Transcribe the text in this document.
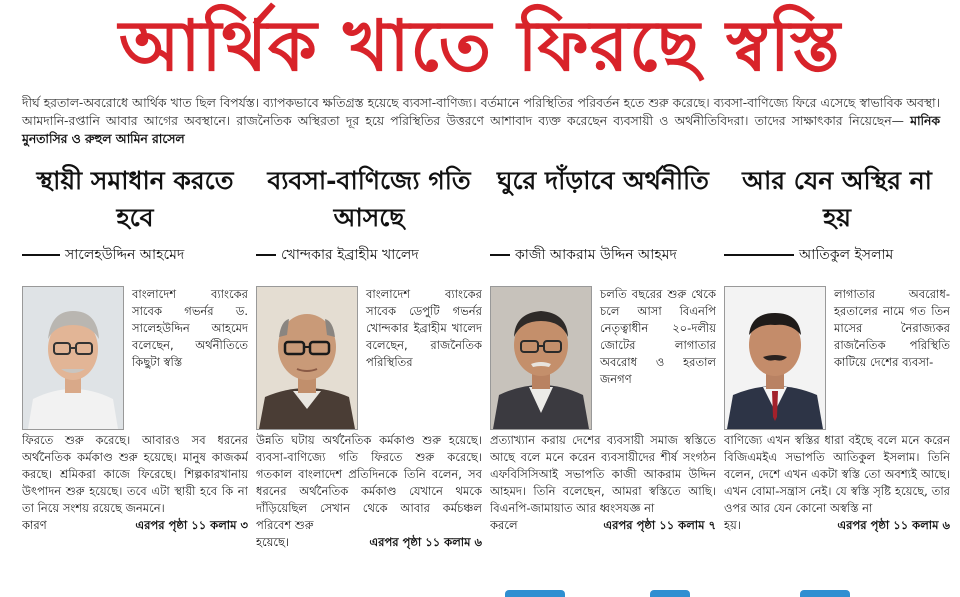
আর্থিক খাতে ফিরছে স্বস্তি
দীর্ঘ হরতাল-অবরোধে আর্থিক খাত ছিল বিপর্যস্ত। ব্যাপকভাবে ক্ষতিগ্রস্ত হয়েছে ব্যবসা-বাণিজ্য। বর্তমানে পরিস্থিতির পরিবর্তন হতে শুরু করেছে। ব্যবসা-বাণিজ্যে ফিরে এসেছে স্বাভাবিক অবস্থা। আমদানি-রপ্তানি আবার আগের অবস্থানে। রাজনৈতিক অস্থিরতা দূর হয়ে পরিস্থিতির উত্তরণে আশাবাদ ব্যক্ত করেছেন ব্যবসায়ী ও অর্থনীতিবিদরা। তাদের সাক্ষাৎকার নিয়েছেন— মানিক মুনতাসির ও রুহুল আমিন রাসেল
স্থায়ী সমাধান করতে হবে
সালেহউদ্দিন আহমেদ
বাংলাদেশ ব্যাংকের সাবেক গভর্নর ড. সালেহউদ্দিন আহমেদ বলেছেন, অর্থনীতিতে কিছুটা স্বস্তি
ফিরতে শুরু করেছে। আবারও সব ধরনের অর্থনৈতিক কর্মকাণ্ড শুরু হয়েছে। মানুষ কাজকর্ম করছে। শ্রমিকরা কাজে ফিরেছে। শিল্পকারখানায় উৎপাদন শুরু হয়েছে। তবে এটা স্থায়ী হবে কি না তা নিয়ে সংশয় রয়েছে জনমনে।
কারণ	এরপর পৃষ্ঠা ১১ কলাম ৩
ব্যবসা-বাণিজ্যে গতি আসছে
খোন্দকার ইব্রাহীম খালেদ
বাংলাদেশ ব্যাংকের সাবেক ডেপুটি গভর্নর খোন্দকার ইব্রাহীম খালেদ বলেছেন, রাজনৈতিক পরিস্থিতির
উন্নতি ঘটায় অর্থনৈতিক কর্মকাণ্ড শুরু হয়েছে। ব্যবসা-বাণিজ্যে গতি ফিরতে শুরু করেছে। গতকাল বাংলাদেশ প্রতিদিনকে তিনি বলেন, সব ধরনের অর্থনৈতিক কর্মকাণ্ড যেখানে থমকে দাঁড়িয়েছিল সেখান থেকে আবার কর্মচঞ্চল পরিবেশ শুরু
হয়েছে।	এরপর পৃষ্ঠা ১১ কলাম ৬
ঘুরে দাঁড়াবে অর্থনীতি
কাজী আকরাম উদ্দিন আহমদ
চলতি বছরের শুরু থেকে চলে আসা বিএনপি নেতৃত্বাধীন ২০-দলীয় জোটের লাগাতার অবরোধ ও হরতাল জনগণ
প্রত্যাখ্যান করায় দেশের ব্যবসায়ী সমাজ স্বস্তিতে আছে বলে মনে করেন ব্যবসায়ীদের শীর্ষ সংগঠন এফবিসিসিআই সভাপতি কাজী আকরাম উদ্দিন আহমদ। তিনি বলেছেন, আমরা স্বস্তিতে আছি। বিএনপি-জামায়াত আর ধ্বংসযজ্ঞ না
করলে	এরপর পৃষ্ঠা ১১ কলাম ৭
আর যেন অস্থির না হয়
আতিকুল ইসলাম
লাগাতার অবরোধ-হরতালের নামে গত তিন মাসের নৈরাজ্যকর রাজনৈতিক পরিস্থিতি কাটিয়ে দেশের ব্যবসা-
বাণিজ্যে এখন স্বস্তির ধারা বইছে বলে মনে করেন বিজিএমইএ সভাপতি আতিকুল ইসলাম। তিনি বলেন, দেশে এখন একটা স্বস্তি তো অবশ্যই আছে। এখন বোমা-সন্ত্রাস নেই। যে স্বস্তি সৃষ্টি হয়েছে, তার ওপর আর যেন কোনো অস্বস্তি না
হয়।	এরপর পৃষ্ঠা ১১ কলাম ৬
